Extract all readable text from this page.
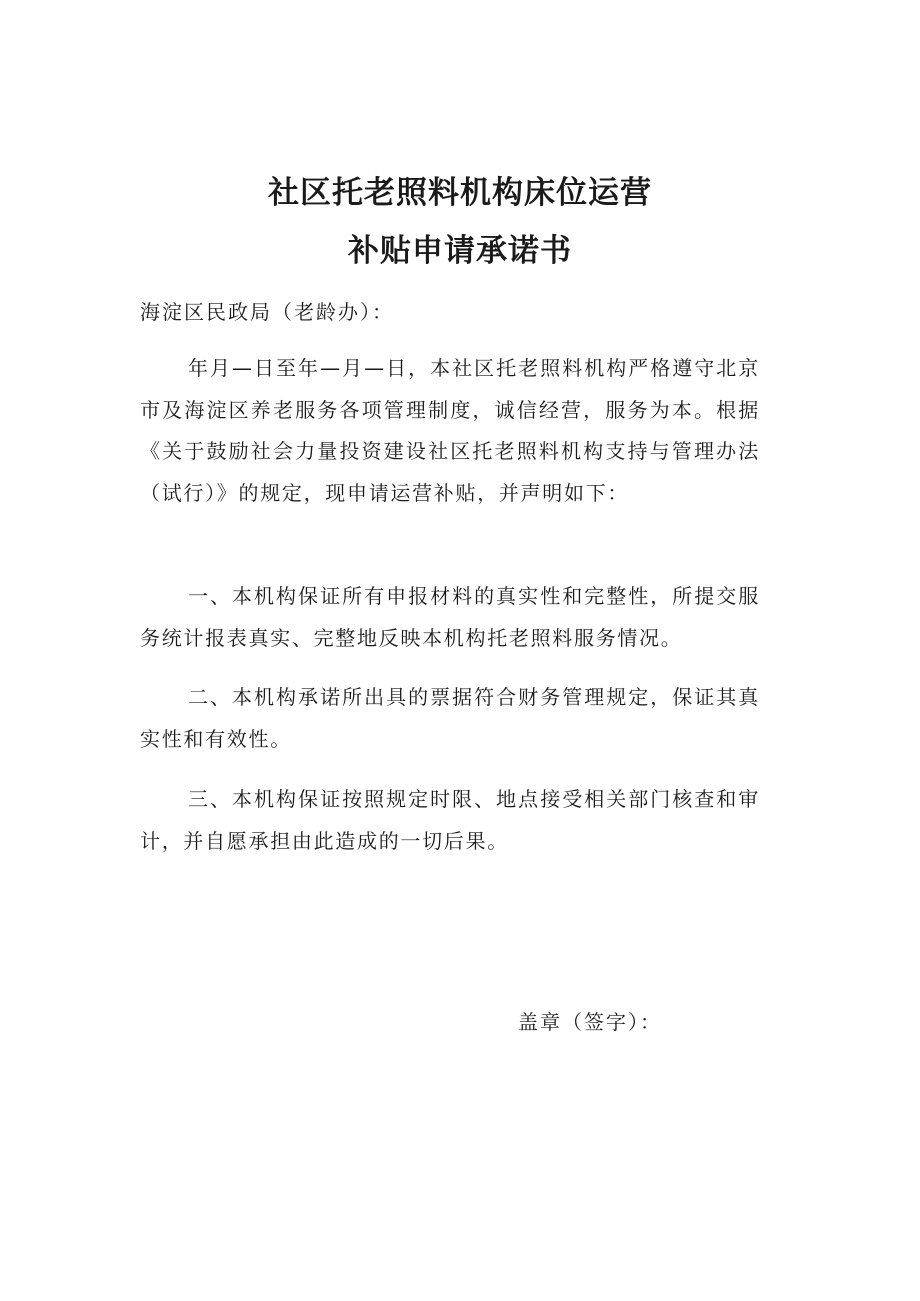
社区托老照料机构床位运营
补贴申请承诺书

海淀区民政局（老龄办）：

年月—日至年—月—日，本社区托老照料机构严格遵守北京市及海淀区养老服务各项管理制度，诚信经营，服务为本。根据《关于鼓励社会力量投资建设社区托老照料机构支持与管理办法（试行）》的规定，现申请运营补贴，并声明如下：

一、本机构保证所有申报材料的真实性和完整性，所提交服务统计报表真实、完整地反映本机构托老照料服务情况。

二、本机构承诺所出具的票据符合财务管理规定，保证其真实性和有效性。

三、本机构保证按照规定时限、地点接受相关部门核查和审计，并自愿承担由此造成的一切后果。

盖章（签字）：
